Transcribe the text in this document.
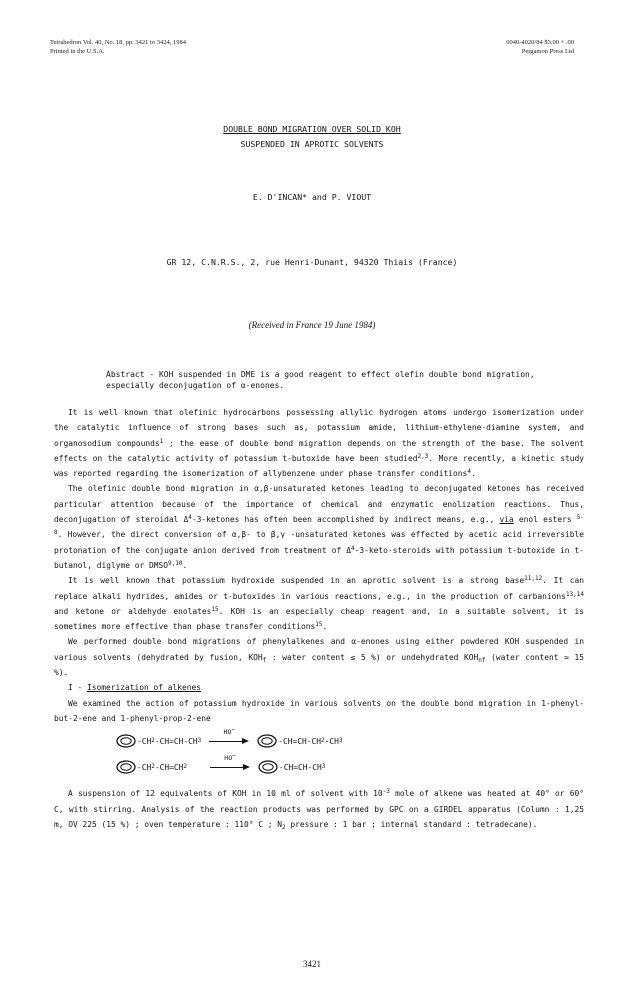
Tetrahedron Vol. 40, No. 18, pp. 3421 to 3424, 1984
Printed in the U.S.A.
0040-4020/84 $3.00 + .00
Pergamon Press Ltd
DOUBLE BOND MIGRATION OVER SOLID KOH
SUSPENDED IN APROTIC SOLVENTS
E. D'INCAN* and P. VIOUT
GR 12, C.N.R.S., 2, rue Henri-Dunant, 94320 Thiais (France)
(Received in France 19 June 1984)
Abstract - KOH suspended in DME is a good reagent to effect olefin double bond migration, especially deconjugation of α-enones.

It is well known that olefinic hydrocarbons possessing allylic hydrogen atoms undergo isomerization under the catalytic influence of strong bases such as, potassium amide, lithium-ethylene-diamine system, and organosodium compounds$^1$ ; the ease of double bond migration depends on the strength of the base. The solvent effects on the catalytic activity of potassium t-butoxide have been studied$^{2,3}$. More recently, a kinetic study was reported regarding the isomerization of allybenzene under phase transfer conditions$^4$.

The olefinic double bond migration in α,β-unsaturated ketones leading to deconjugated ketones has received particular attention because of the importance of chemical and enzymatic enolization reactions. Thus, deconjugation of steroidal $\Delta^4-3$-ketones has often been accomplished by indirect means, e.g., via enol esters $^{5-8}$. However, the direct conversion of α,β- to β,γ -unsaturated ketones was effected by acetic acid irreversible protonation of the conjugate anion derived from treatment of $\Delta^4-3-keto$-steroids with potassium t-butoxide in t-butanol, diglyme or DMSO$^{9,10}$.

It is well known that potassium hydroxide suspended in an aprotic solvent is a strong base$^{11,12}$. It can replace alkali hydrides, amides or t-butoxides in various reactions, e.g., in the production of carbanions$^{13,14}$ and ketone or aldehyde enolates$^{15}$. KOH is an especially cheap reagent and, in a suitable solvent, it is sometimes more effective than phase transfer conditions$^{15}$.

We performed double bond migrations of phenylalkenes and α-enones using either powdered KOH suspended in various solvents (dehydrated by fusion, $KOH_f$ : water content ≤ 5 %) or undehydrated $KOH_{nf}$ (water content ≈ 15 %).

I - Isomerization of alkenes

We examined the action of potassium hydroxide in various solvents on the double bond migration in 1-phenyl-but-2-ene and 1-phenyl-prop-2-ene

-CH 2 -CH=CH-CH 3
HO−
-CH=CH-CH 2 -CH 3
-CH 2 -CH=CH 2
HO−
-CH=CH-CH 3

A suspension of 12 equivalents of KOH in 10 ml of solvent with $10^{-3}$ mole of alkene was heated at 40° or 60° C, with stirring. Analysis of the reaction products was performed by GPC on a GIRDEL apparatus (Column : 1,25 m, OV 225 (15 %) ; oven temperature : 110° C ; $N_2$ pressure : 1 bar ; internal standard : tetradecane).

3421
